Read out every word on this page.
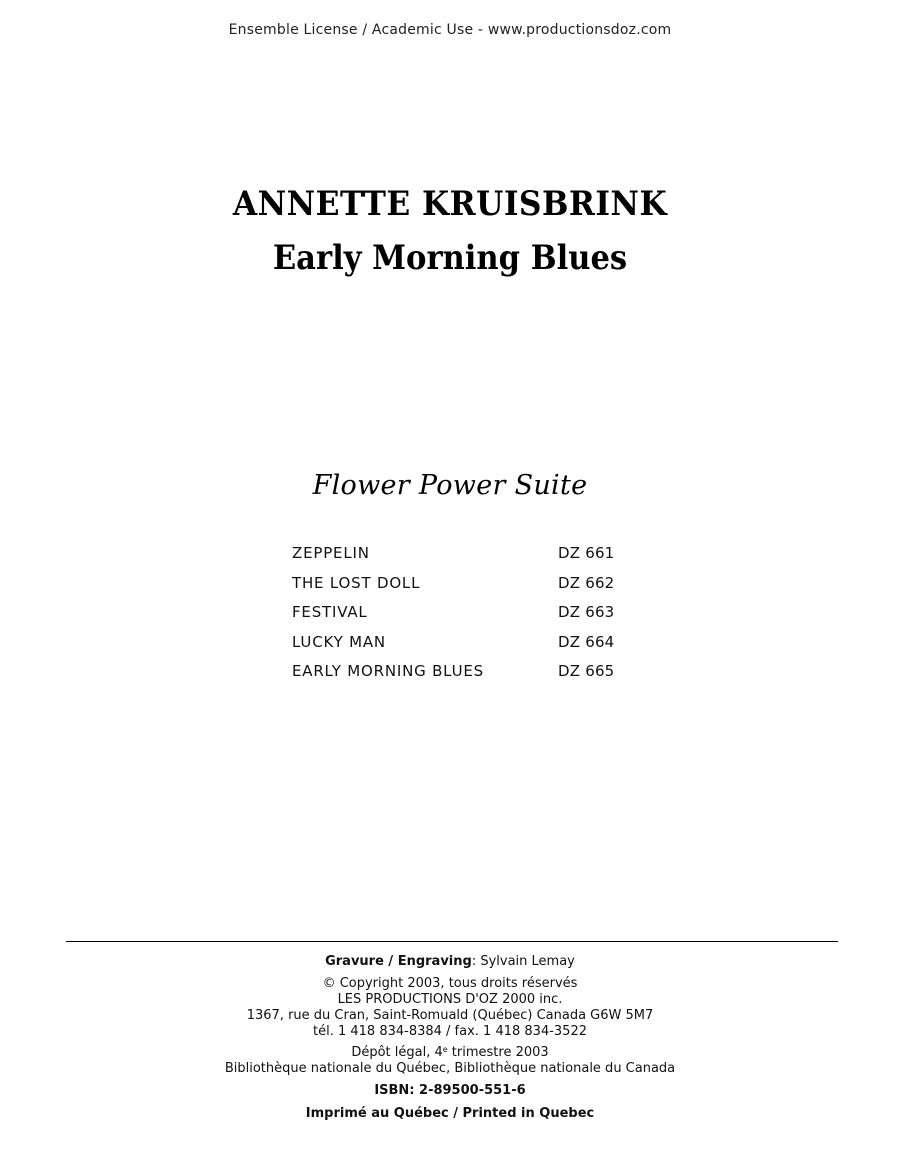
Ensemble License / Academic Use - www.productionsdoz.com
ANNETTE KRUISBRINK
Early Morning Blues
Flower Power Suite
ZEPPELIN	DZ 661
THE LOST DOLL	DZ 662
FESTIVAL	DZ 663
LUCKY MAN	DZ 664
EARLY MORNING BLUES	DZ 665
Gravure / Engraving: Sylvain Lemay
© Copyright 2003, tous droits réservés
LES PRODUCTIONS D'OZ 2000 inc.
1367, rue du Cran, Saint-Romuald (Québec) Canada G6W 5M7
tél. 1 418 834-8384 / fax. 1 418 834-3522
Dépôt légal, 4e trimestre 2003
Bibliothèque nationale du Québec, Bibliothèque nationale du Canada
ISBN: 2-89500-551-6
Imprimé au Québec / Printed in Quebec
